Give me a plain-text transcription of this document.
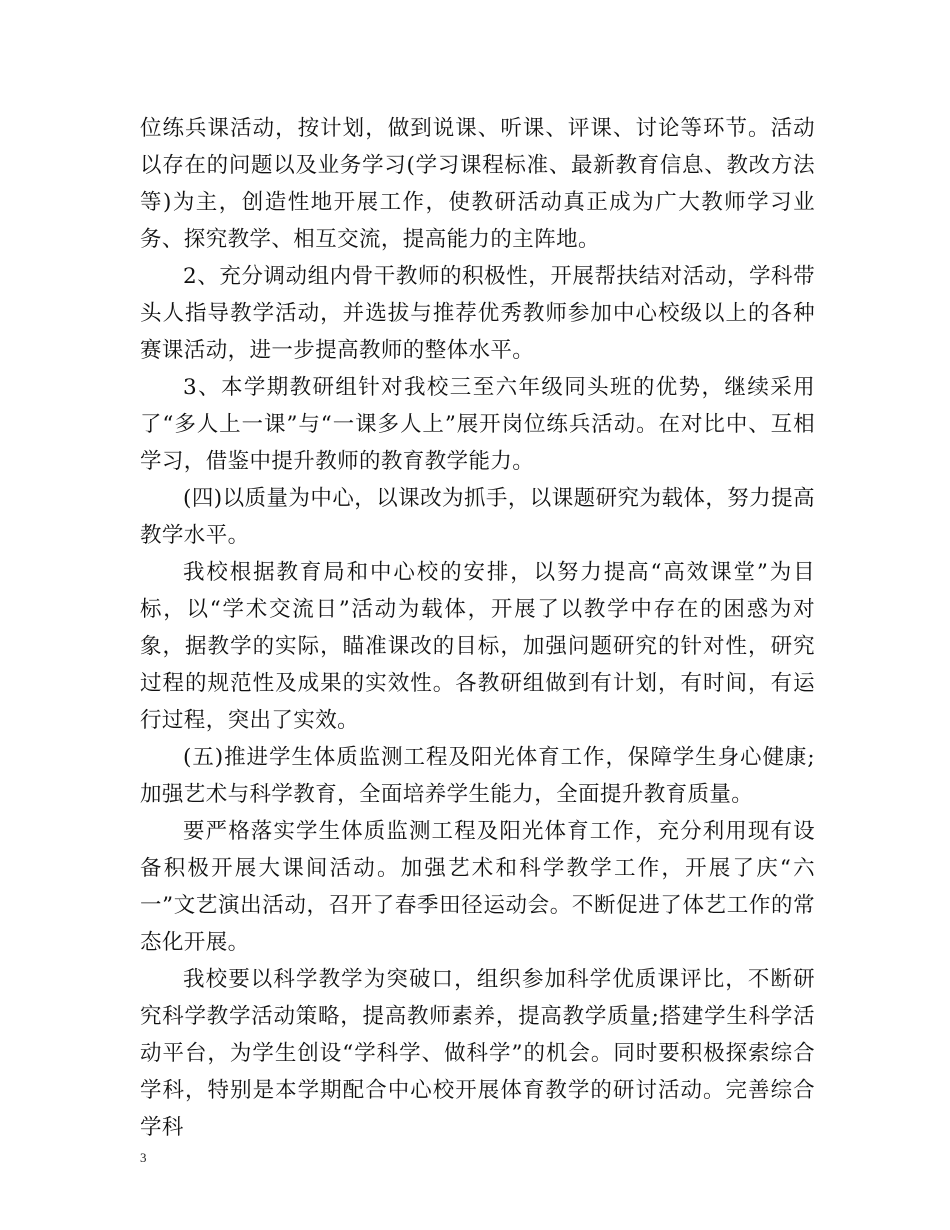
位练兵课活动，按计划，做到说课、听课、评课、讨论等环节。活动以存在的问题以及业务学习(学习课程标准、最新教育信息、教改方法等)为主，创造性地开展工作，使教研活动真正成为广大教师学习业务、探究教学、相互交流，提高能力的主阵地。

2、充分调动组内骨干教师的积极性，开展帮扶结对活动，学科带头人指导教学活动，并选拔与推荐优秀教师参加中心校级以上的各种赛课活动，进一步提高教师的整体水平。

3、本学期教研组针对我校三至六年级同头班的优势，继续采用了“多人上一课”与“一课多人上”展开岗位练兵活动。在对比中、互相学习，借鉴中提升教师的教育教学能力。

(四)以质量为中心，以课改为抓手，以课题研究为载体，努力提高教学水平。

我校根据教育局和中心校的安排，以努力提高“高效课堂”为目标，以“学术交流日”活动为载体，开展了以教学中存在的困惑为对象，据教学的实际，瞄准课改的目标，加强问题研究的针对性，研究过程的规范性及成果的实效性。各教研组做到有计划，有时间，有运行过程，突出了实效。

(五)推进学生体质监测工程及阳光体育工作，保障学生身心健康;加强艺术与科学教育，全面培养学生能力，全面提升教育质量。

要严格落实学生体质监测工程及阳光体育工作，充分利用现有设备积极开展大课间活动。加强艺术和科学教学工作，开展了庆“六一”文艺演出活动，召开了春季田径运动会。不断促进了体艺工作的常态化开展。

我校要以科学教学为突破口，组织参加科学优质课评比，不断研究科学教学活动策略，提高教师素养，提高教学质量;搭建学生科学活动平台，为学生创设“学科学、做科学”的机会。同时要积极探索综合学科，特别是本学期配合中心校开展体育教学的研讨活动。完善综合学科

3
